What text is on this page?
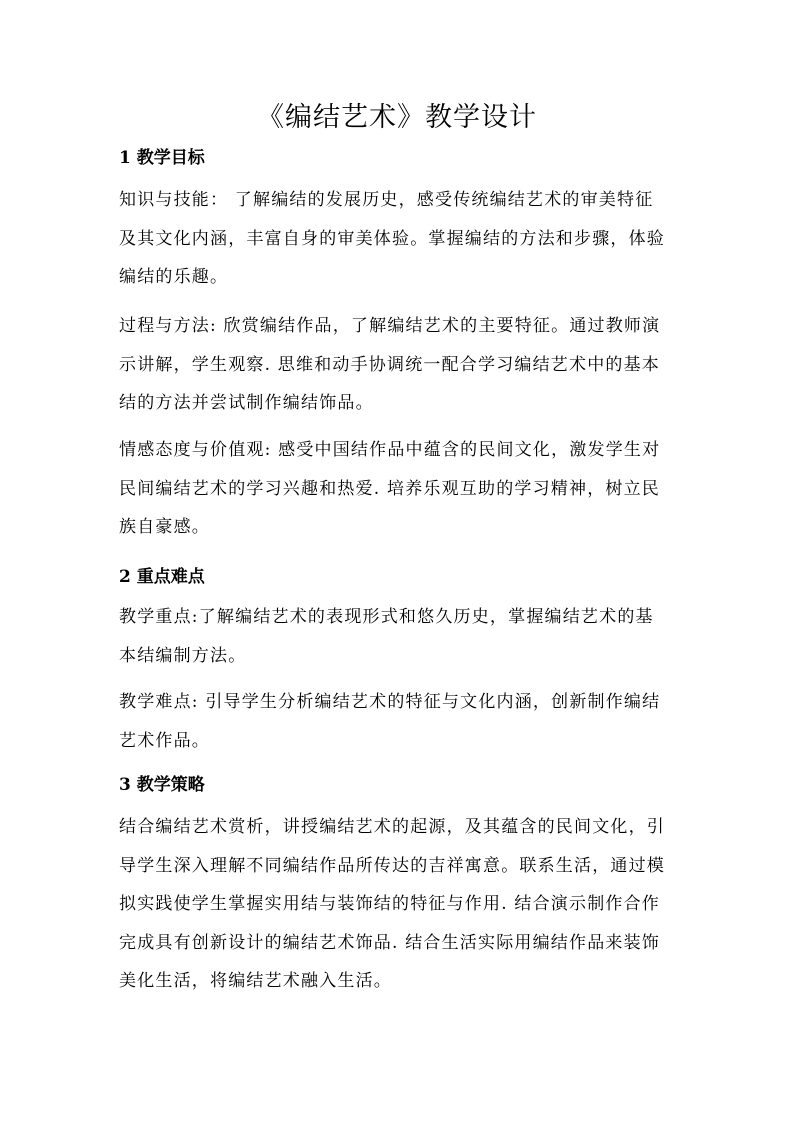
《编结艺术》教学设计
1 教学目标
知识与技能： 了解编结的发展历史，感受传统编结艺术的审美特征
及其文化内涵，丰富自身的审美体验。掌握编结的方法和步骤，体验
编结的乐趣。
过程与方法: 欣赏编结作品，了解编结艺术的主要特征。通过教师演
示讲解，学生观察. 思维和动手协调统一配合学习编结艺术中的基本
结的方法并尝试制作编结饰品。
情感态度与价值观: 感受中国结作品中蕴含的民间文化，激发学生对
民间编结艺术的学习兴趣和热爱. 培养乐观互助的学习精神，树立民
族自豪感。
2 重点难点
教学重点:了解编结艺术的表现形式和悠久历史，掌握编结艺术的基
本结编制方法。
教学难点: 引导学生分析编结艺术的特征与文化内涵，创新制作编结
艺术作品。
3 教学策略
结合编结艺术赏析，讲授编结艺术的起源，及其蕴含的民间文化，引
导学生深入理解不同编结作品所传达的吉祥寓意。联系生活，通过模
拟实践使学生掌握实用结与装饰结的特征与作用. 结合演示制作合作
完成具有创新设计的编结艺术饰品. 结合生活实际用编结作品来装饰
美化生活，将编结艺术融入生活。
